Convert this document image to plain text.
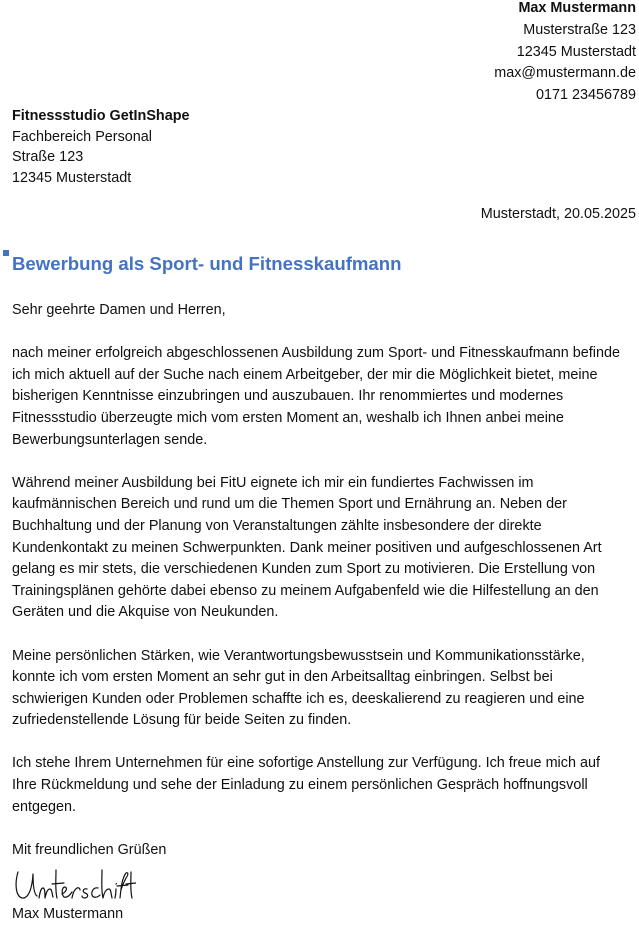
Max Mustermann
Musterstraße 123
12345 Musterstadt
max@mustermann.de
0171 23456789
Fitnessstudio GetInShape
Fachbereich Personal
Straße 123
12345 Musterstadt
Musterstadt, 20.05.2025
Bewerbung als Sport- und Fitnesskaufmann

Sehr geehrte Damen und Herren,

nach meiner erfolgreich abgeschlossenen Ausbildung zum Sport- und Fitnesskaufmann befinde

ich mich aktuell auf der Suche nach einem Arbeitgeber, der mir die Möglichkeit bietet, meine

bisherigen Kenntnisse einzubringen und auszubauen. Ihr renommiertes und modernes

Fitnessstudio überzeugte mich vom ersten Moment an, weshalb ich Ihnen anbei meine

Bewerbungsunterlagen sende.

Während meiner Ausbildung bei FitU eignete ich mir ein fundiertes Fachwissen im

kaufmännischen Bereich und rund um die Themen Sport und Ernährung an. Neben der

Buchhaltung und der Planung von Veranstaltungen zählte insbesondere der direkte

Kundenkontakt zu meinen Schwerpunkten. Dank meiner positiven und aufgeschlossenen Art

gelang es mir stets, die verschiedenen Kunden zum Sport zu motivieren. Die Erstellung von

Trainingsplänen gehörte dabei ebenso zu meinem Aufgabenfeld wie die Hilfestellung an den

Geräten und die Akquise von Neukunden.

Meine persönlichen Stärken, wie Verantwortungsbewusstsein und Kommunikationsstärke,

konnte ich vom ersten Moment an sehr gut in den Arbeitsalltag einbringen. Selbst bei

schwierigen Kunden oder Problemen schaffte ich es, deeskalierend zu reagieren und eine

zufriedenstellende Lösung für beide Seiten zu finden.

Ich stehe Ihrem Unternehmen für eine sofortige Anstellung zur Verfügung. Ich freue mich auf

Ihre Rückmeldung und sehe der Einladung zu einem persönlichen Gespräch hoffnungsvoll

entgegen.

Mit freundlichen Grüßen

Max Mustermann
